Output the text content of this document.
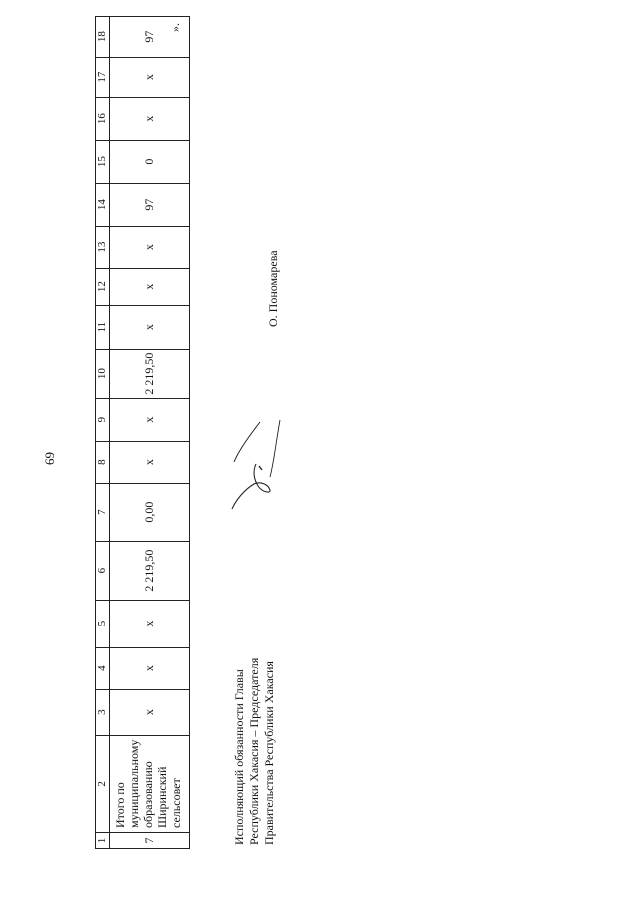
69
1	2	3	4	5	6	7	8	9	10	11	12	13	14	15	16	17	18
7	Итого по муниципальному образованию Ширинский сельсовет	x	x	x	2 219,50	0,00	x	x	2 219,50	x	x	x	97	0	x	x	97
».
Исполняющий обязанности Главы Республики Хакасия – Председателя Правительства Республики Хакасия
О. Пономарева
